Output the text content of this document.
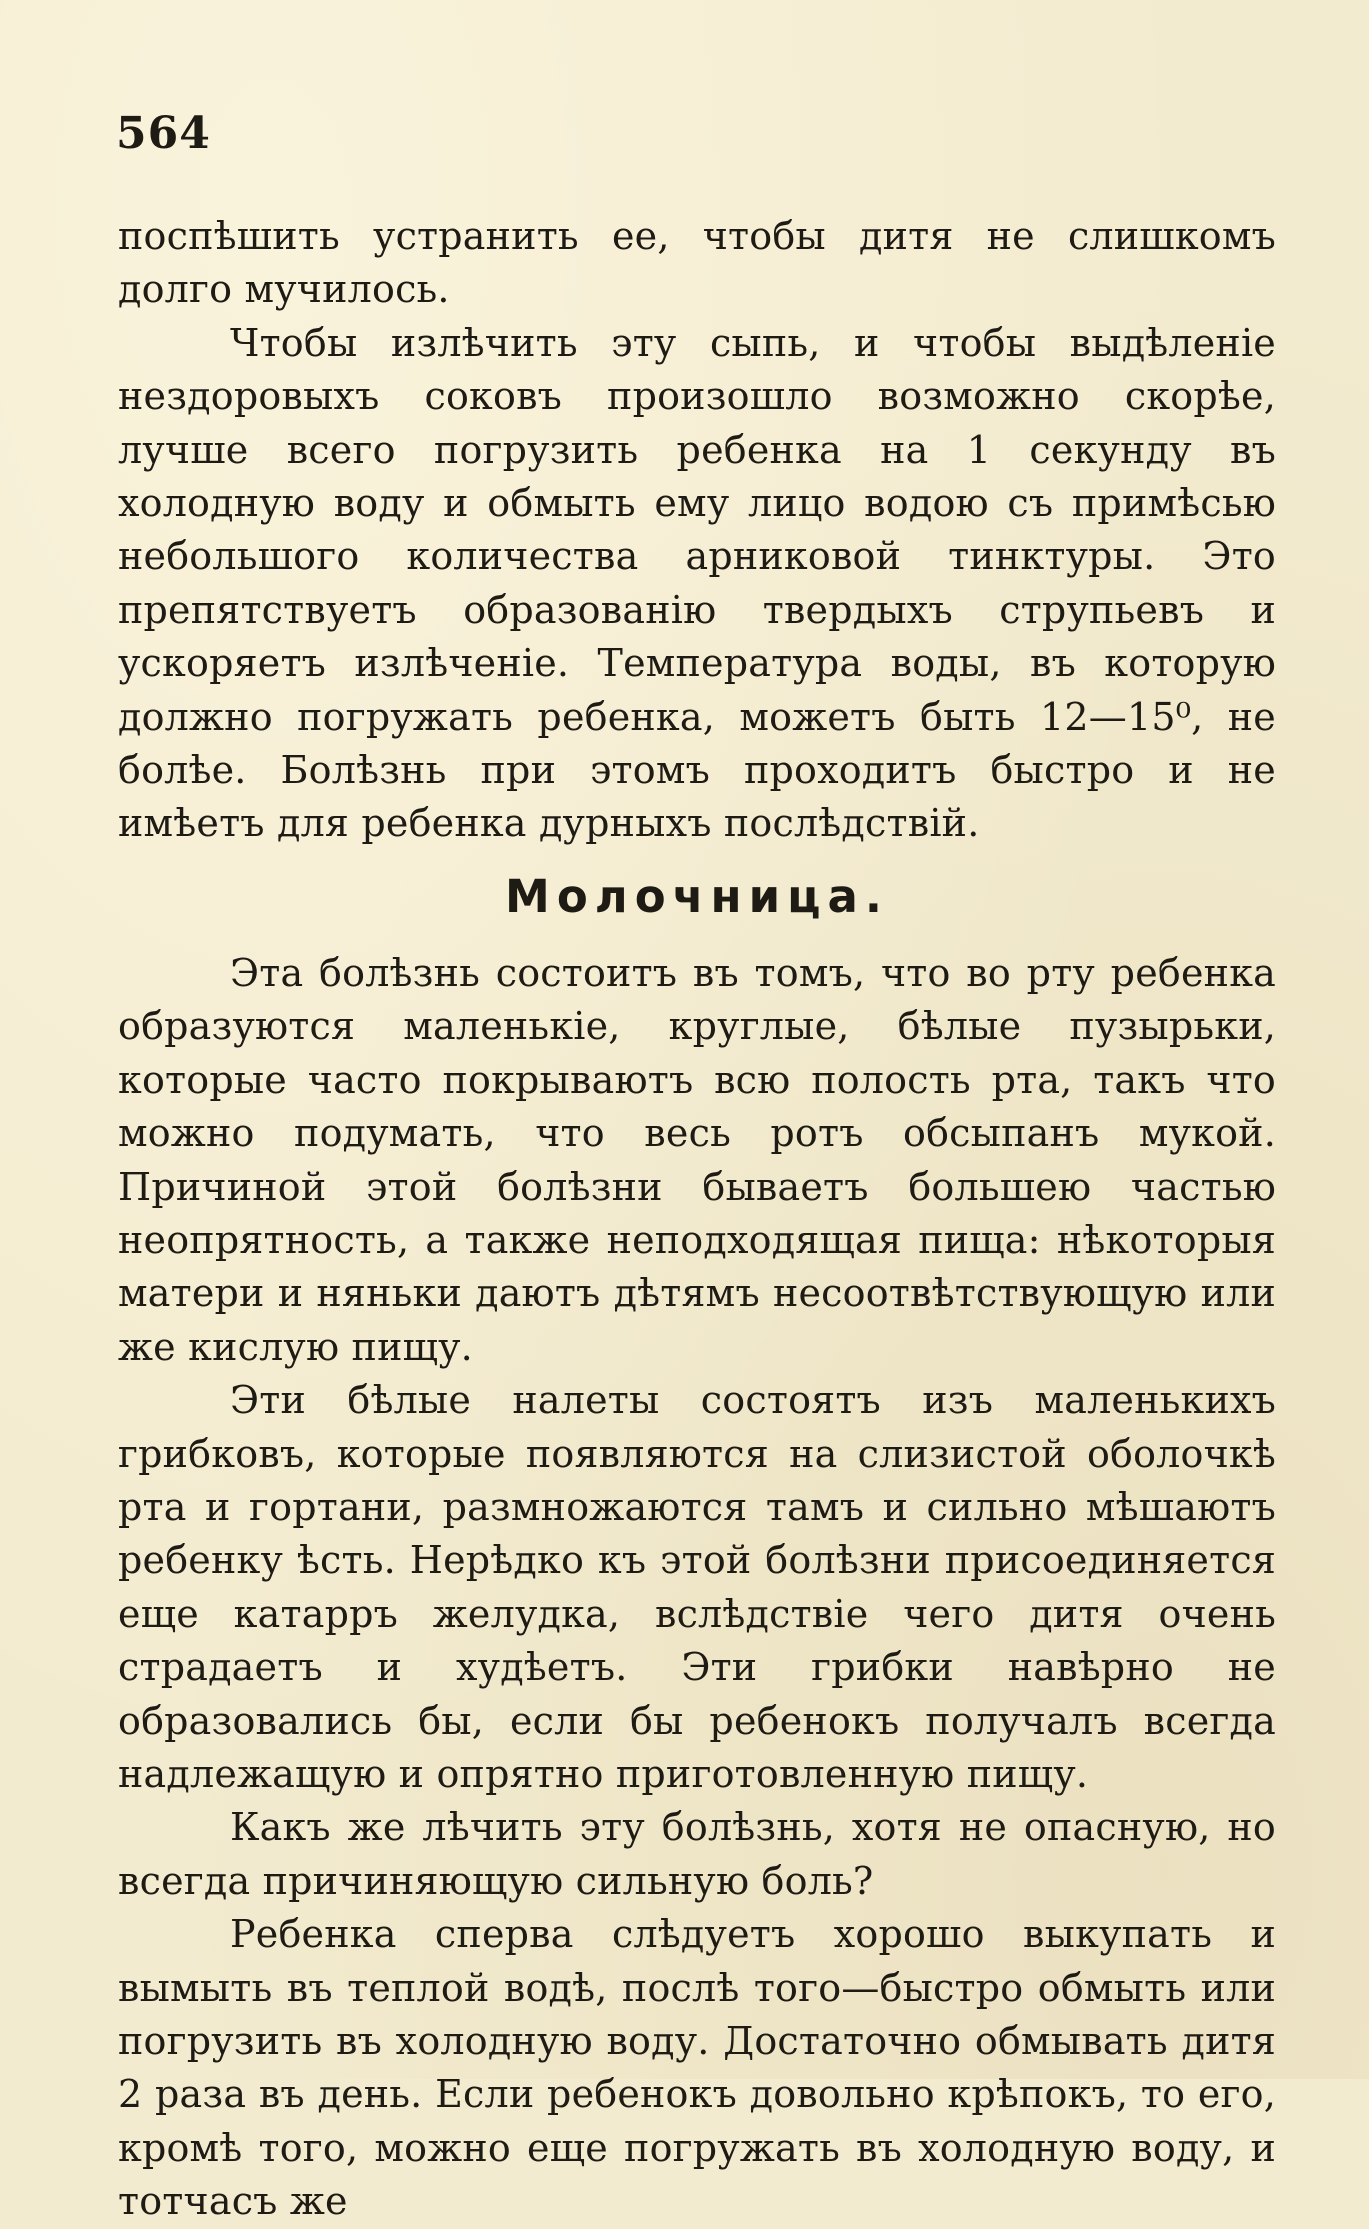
564

поспѣшить устранить ее, чтобы дитя не слишкомъ долго мучилось.

Чтобы излѣчить эту сыпь, и чтобы выдѣленіе нездоровыхъ соковъ произошло возможно скорѣе, лучше всего погрузить ребенка на 1 секунду въ холодную воду и обмыть ему лицо водою съ примѣсью небольшого количества арниковой тинктуры. Это препятствуетъ образованію твердыхъ струпьевъ и ускоряетъ излѣченіе. Температура воды, въ которую должно погружать ребенка, можетъ быть 12—15⁰, не болѣе. Болѣзнь при этомъ проходитъ быстро и не имѣетъ для ребенка дурныхъ послѣдствій.

Молочница.

Эта болѣзнь состоитъ въ томъ, что во рту ребенка образуются маленькіе, круглые, бѣлые пузырьки, которые часто покрываютъ всю полость рта, такъ что можно подумать, что весь ротъ обсыпанъ мукой. Причиной этой болѣзни бываетъ большею частью неопрятность, а также неподходящая пища: нѣкоторыя матери и няньки даютъ дѣтямъ несоотвѣтствующую или же кислую пищу.

Эти бѣлые налеты состоятъ изъ маленькихъ грибковъ, которые появляются на слизистой оболочкѣ рта и гортани, размножаются тамъ и сильно мѣшаютъ ребенку ѣсть. Нерѣдко къ этой болѣзни присоединяется еще катарръ желудка, вслѣдствіе чего дитя очень страдаетъ и худѣетъ. Эти грибки навѣрно не образовались бы, если бы ребенокъ получалъ всегда надлежащую и опрятно приготовленную пищу.

Какъ же лѣчить эту болѣзнь, хотя не опасную, но всегда причиняющую сильную боль?

Ребенка сперва слѣдуетъ хорошо выкупать и вымыть въ теплой водѣ, послѣ того—быстро обмыть или погрузить въ холодную воду. Достаточно обмывать дитя 2 раза въ день. Если ребенокъ довольно крѣпокъ, то его, кромѣ того, можно еще погружать въ холодную воду, и тотчасъ же
